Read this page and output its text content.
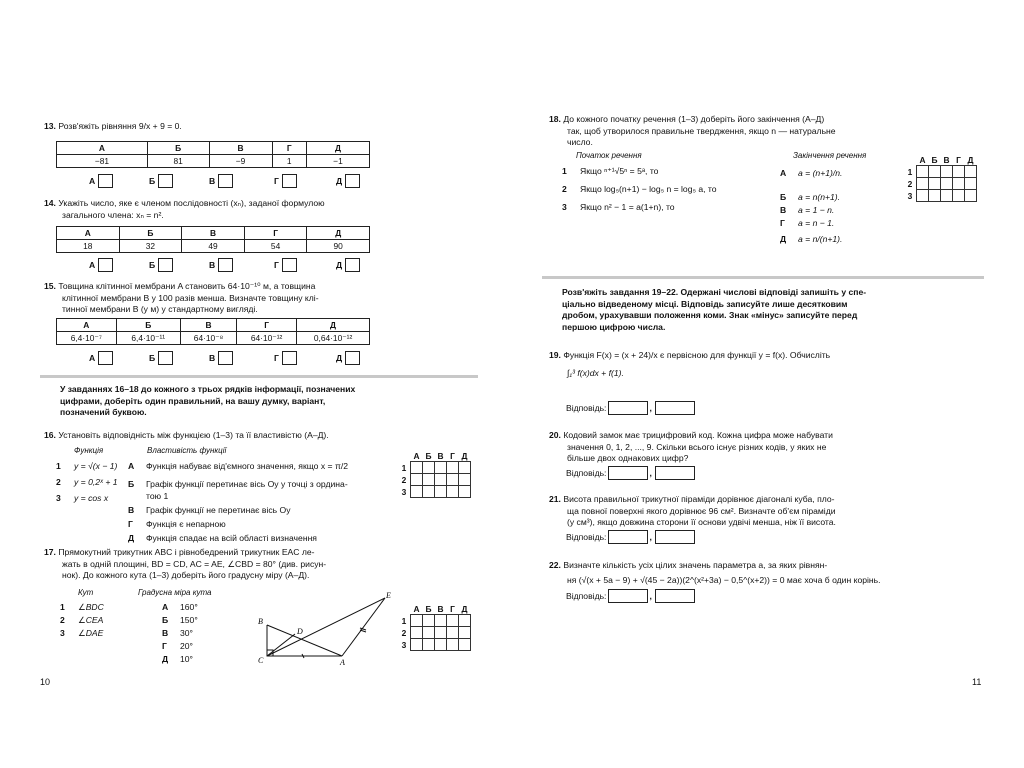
13. Розв'яжіть рівняння 9/x + 9 = 0.
А	Б	В	Г	Д
−81	81	−9	1	−1
А	Б	В	Г	Д
14. Укажіть число, яке є членом послідовності (xₙ), заданої формулою
загального члена: xₙ = n².
А	Б	В	Г	Д
18	32	49	54	90
А	Б	В	Г	Д
15. Товщина клітинної мембрани A становить 64·10⁻¹⁰ м, а товщина
клітинної мембрани B у 100 разів менша. Визначте товщину клі-
тинної мембрани B (у м) у стандартному вигляді.
А	Б	В	Г	Д
6,4·10⁻⁷	6,4·10⁻¹¹	64·10⁻⁸	64·10⁻¹²	0,64·10⁻¹²
А	Б	В	Г	Д
У завданнях 16–18 до кожного з трьох рядків інформації, позначених
цифрами, доберіть один правильний, на вашу думку, варіант,
позначений буквою.
16. Установіть відповідність між функцією (1–3) та її властивістю (А–Д).
Функція	Властивість функції
1 y = √(x − 1)
2 y = 0,2ˣ + 1
3 y = cos x
А Функція набуває від'ємного значення, якщо x = π/2
Б Графік функції перетинає вісь Oy у точці з ордина-
тою 1
В Графік функції не перетинає вісь Oy
Г Функція є непарною
Д Функція спадає на всій області визначення
	А	Б	В	Г	Д
1					
2					
3					
17. Прямокутний трикутник ABC і рівнобедрений трикутник EAC ле-
жать в одній площині, BD = CD, AC = AE, ∠CBD = 80° (див. рисун-
нок). До кожного кута (1–3) доберіть його градусну міру (А–Д).
Кут	Градусна міра кута
1 ∠BDC
2 ∠CEA
3 ∠DAE
А 160°
Б 150°
В 30°
Г 20°
Д 10°
B
C
D
A
E
	А	Б	В	Г	Д
1					
2					
3					
10
18. До кожного початку речення (1–3) доберіть його закінчення (А–Д)
так, щоб утворилося правильне твердження, якщо n — натуральне
число.
Початок речення	Закінчення речення
1 Якщо ⁿ⁺¹√5ⁿ = 5ᵃ, то
2 Якщо log₅(n+1) − log₅ n = log₅ a, то
3 Якщо n² − 1 = a(1+n), то
А a = (n+1)/n.
Б a = n(n+1).
В a = 1 − n.
Г a = n − 1.
Д a = n/(n+1).
	А	Б	В	Г	Д
1					
2					
3					
Розв'яжіть завдання 19–22. Одержані числові відповіді запишіть у спе-
ціально відведеному місці. Відповідь записуйте лише десятковим
дробом, урахувавши положення коми. Знак «мінус» записуйте перед
першою цифрою числа.
19. Функція F(x) = (x + 24)/x є первісною для функції y = f(x). Обчисліть
∫₁³ f(x)dx + f(1).
Відповідь:	,
20. Кодовий замок має трицифровий код. Кожна цифра може набувати
значення 0, 1, 2, ..., 9. Скільки всього існує різних кодів, у яких не
більше двох однакових цифр?
Відповідь:	,
21. Висота правильної трикутної піраміди дорівнює діагоналі куба, пло-
ща повної поверхні якого дорівнює 96 см². Визначте об'єм піраміди
(у см³), якщо довжина сторони її основи удвічі менша, ніж її висота.
Відповідь:	,
22. Визначте кількість усіх цілих значень параметра a, за яких рівнян-
ня (√(x + 5a − 9) + √(45 − 2a))(2^(x²+3a) − 0,5^(x+2)) = 0 має хоча б один корінь.
Відповідь:	,
11
